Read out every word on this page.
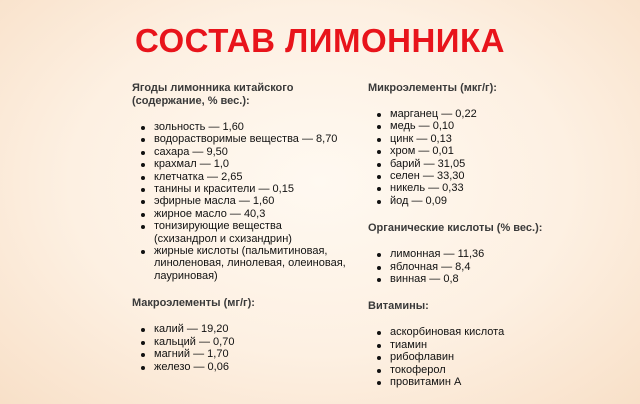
СОСТАВ ЛИМОННИКА
Ягоды лимонника китайского
(содержание, % вес.):
зольность — 1,60
водорастворимые вещества — 8,70
сахара — 9,50
крахмал — 1,0
клетчатка — 2,65
танины и красители — 0,15
эфирные масла — 1,60
жирное масло — 40,3
тонизирующие вещества (схизандрол и схизандрин)
жирные кислоты (пальмитиновая, линоленовая, линолевая, олеиновая, лауриновая)
Макроэлементы (мг/г):
калий — 19,20
кальций — 0,70
магний — 1,70
железо — 0,06
Микроэлементы (мкг/г):
марганец — 0,22
медь — 0,10
цинк — 0,13
хром — 0,01
барий — 31,05
селен — 33,30
никель — 0,33
йод — 0,09
Органические кислоты (% вес.):
лимонная — 11,36
яблочная — 8,4
винная — 0,8
Витамины:
аскорбиновая кислота
тиамин
рибофлавин
токоферол
провитамин А
